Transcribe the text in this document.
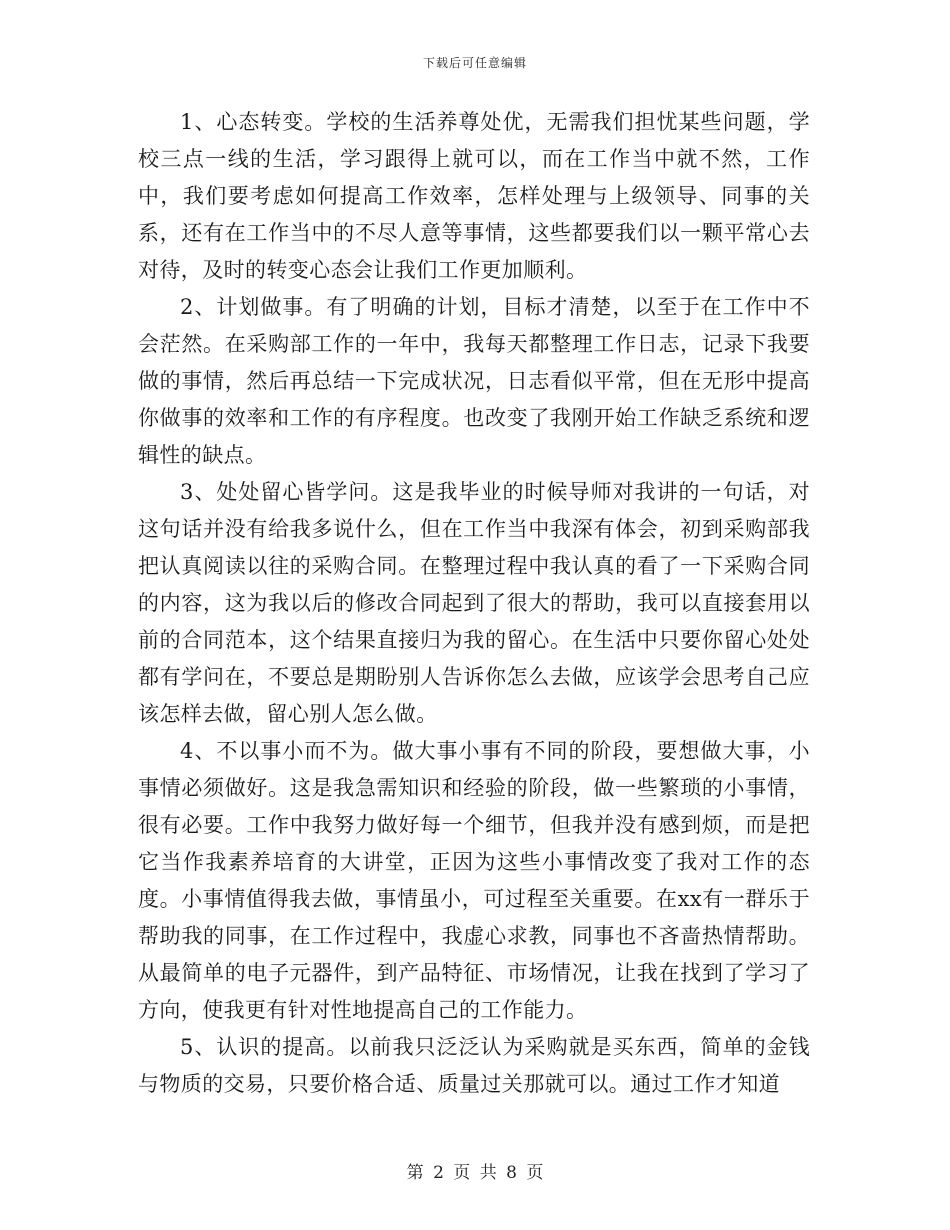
下载后可任意编辑

1、心态转变。学校的生活养尊处优，无需我们担忧某些问题，学校三点一线的生活，学习跟得上就可以，而在工作当中就不然，工作中，我们要考虑如何提高工作效率，怎样处理与上级领导、同事的关系，还有在工作当中的不尽人意等事情，这些都要我们以一颗平常心去对待，及时的转变心态会让我们工作更加顺利。

2、计划做事。有了明确的计划，目标才清楚，以至于在工作中不会茫然。在采购部工作的一年中，我每天都整理工作日志，记录下我要做的事情，然后再总结一下完成状况，日志看似平常，但在无形中提高你做事的效率和工作的有序程度。也改变了我刚开始工作缺乏系统和逻辑性的缺点。

3、处处留心皆学问。这是我毕业的时候导师对我讲的一句话，对这句话并没有给我多说什么，但在工作当中我深有体会，初到采购部我把认真阅读以往的采购合同。在整理过程中我认真的看了一下采购合同的内容，这为我以后的修改合同起到了很大的帮助，我可以直接套用以前的合同范本，这个结果直接归为我的留心。在生活中只要你留心处处都有学问在，不要总是期盼别人告诉你怎么去做，应该学会思考自己应该怎样去做，留心别人怎么做。

4、不以事小而不为。做大事小事有不同的阶段，要想做大事，小事情必须做好。这是我急需知识和经验的阶段，做一些繁琐的小事情，很有必要。工作中我努力做好每一个细节，但我并没有感到烦，而是把它当作我素养培育的大讲堂，正因为这些小事情改变了我对工作的态度。小事情值得我去做，事情虽小，可过程至关重要。在xx有一群乐于帮助我的同事，在工作过程中，我虚心求教，同事也不吝啬热情帮助。从最简单的电子元器件，到产品特征、市场情况，让我在找到了学习了方向，使我更有针对性地提高自己的工作能力。

5、认识的提高。以前我只泛泛认为采购就是买东西，简单的金钱与物质的交易，只要价格合适、质量过关那就可以。通过工作才知道

第 2 页 共 8 页
